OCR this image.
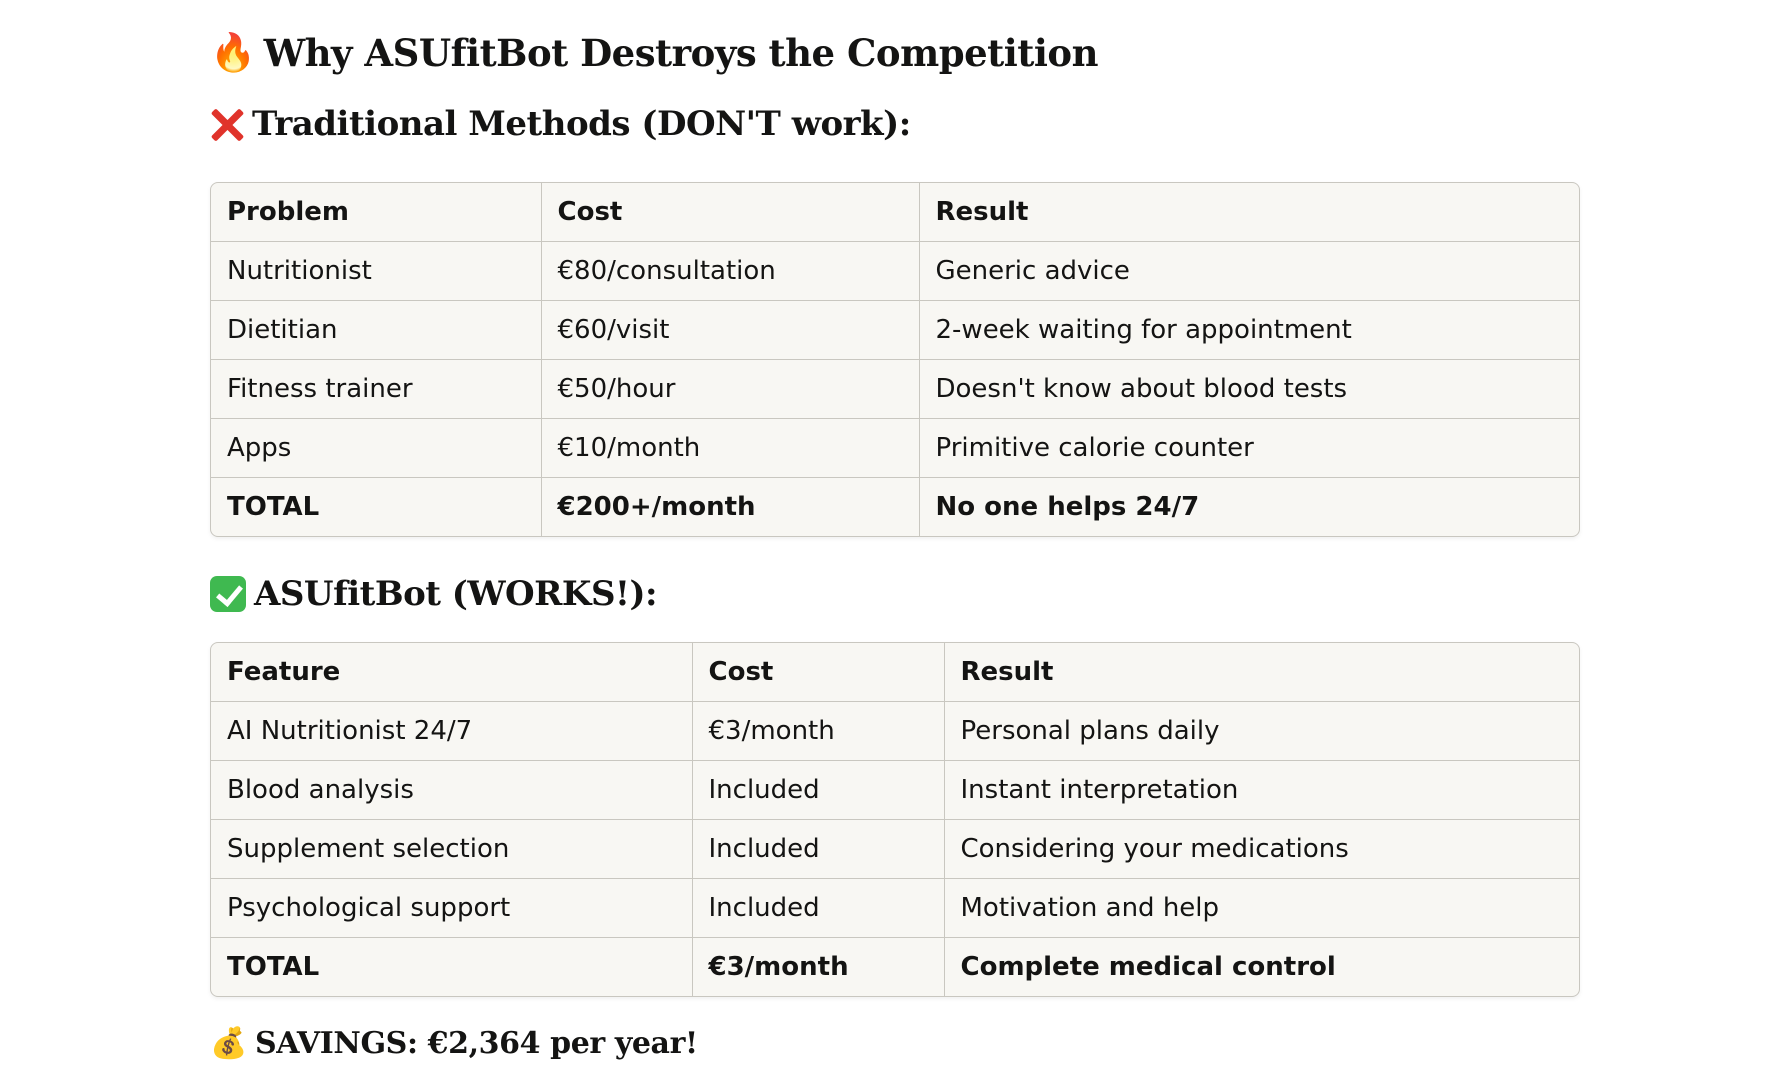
🔥 Why ASUfitBot Destroys the Competition
Traditional Methods (DON'T work):
Problem	Cost	Result
Nutritionist	€80/consultation	Generic advice
Dietitian	€60/visit	2-week waiting for appointment
Fitness trainer	€50/hour	Doesn't know about blood tests
Apps	€10/month	Primitive calorie counter
TOTAL	€200+/month	No one helps 24/7
ASUfitBot (WORKS!):
Feature	Cost	Result
AI Nutritionist 24/7	€3/month	Personal plans daily
Blood analysis	Included	Instant interpretation
Supplement selection	Included	Considering your medications
Psychological support	Included	Motivation and help
TOTAL	€3/month	Complete medical control
💰 SAVINGS: €2,364 per year!
